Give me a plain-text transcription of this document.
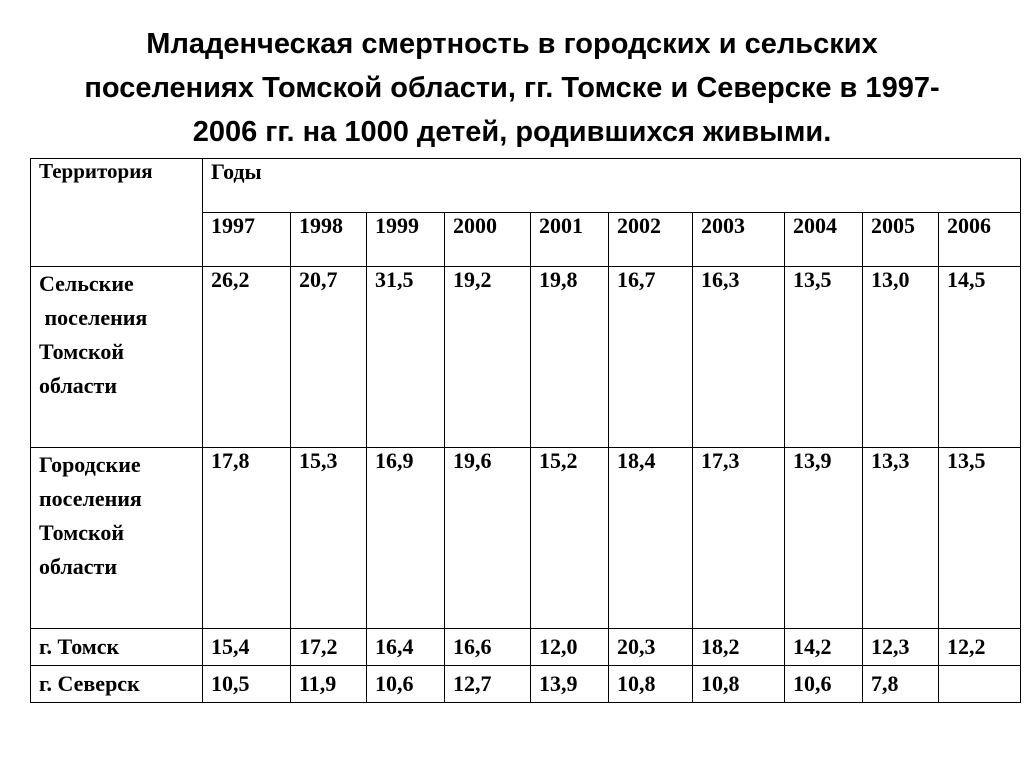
Младенческая смертность в городских и сельских
поселениях Томской области, гг. Томске и Северске в 1997-
2006 гг. на 1000 детей, родившихся живыми.
Территория	Годы									
	1997	1998	1999	2000	2001	2002	2003	2004	2005	2006

Сельские
поселения
Томской
области	26,2	20,7	31,5	19,2	19,8	16,7	16,3	13,5	13,0	14,5

Городские
поселения
Томской
области	17,8	15,3	16,9	19,6	15,2	18,4	17,3	13,9	13,3	13,5

г. Томск	15,4	17,2	16,4	16,6	12,0	20,3	18,2	14,2	12,3	12,2

г. Северск	10,5	11,9	10,6	12,7	13,9	10,8	10,8	10,6	7,8	
